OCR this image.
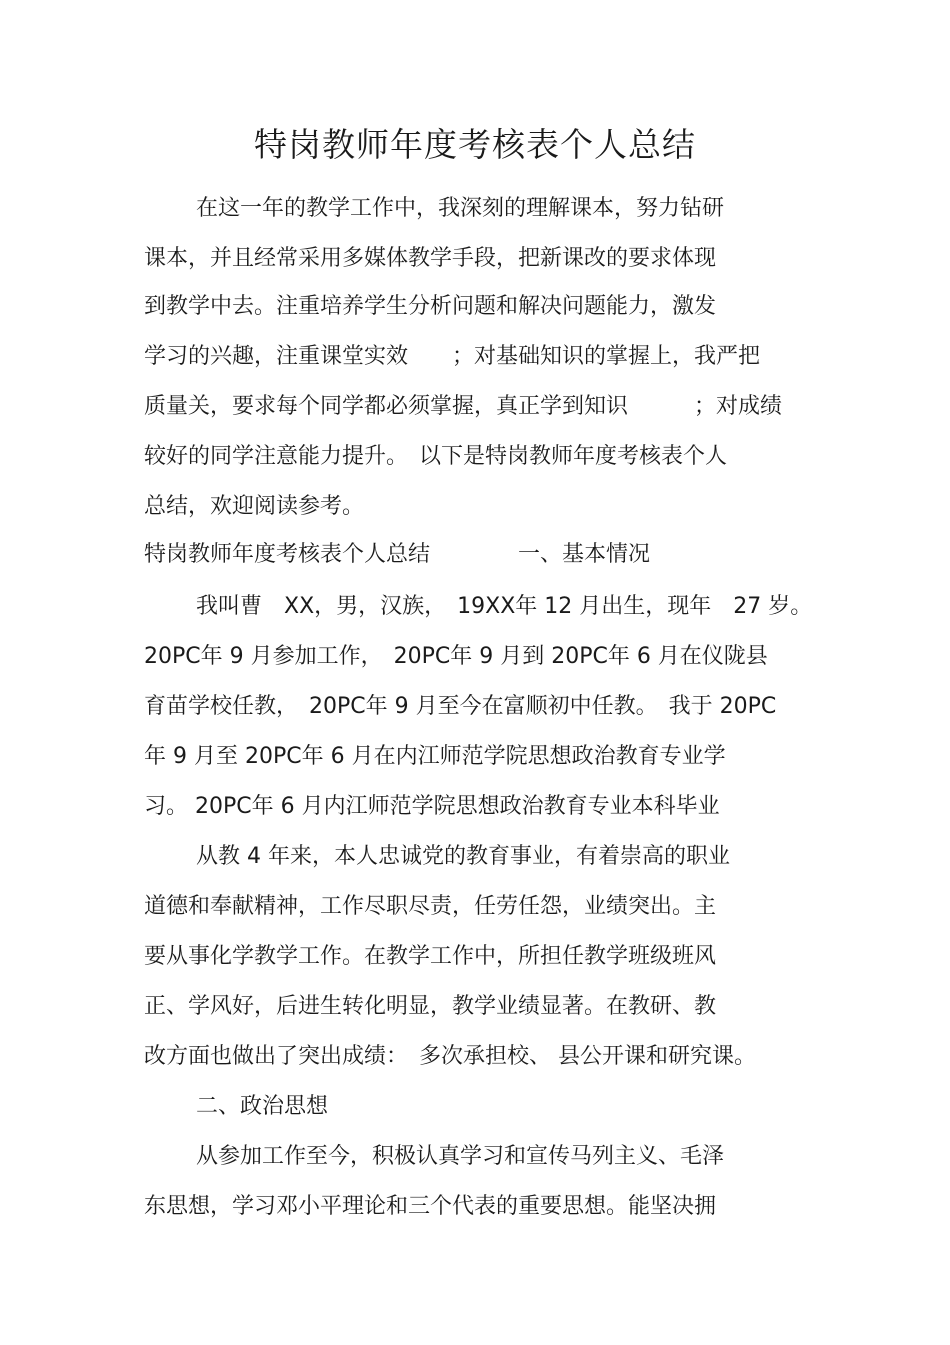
特岗教师年度考核表个人总结

在这一年的教学工作中，我深刻的理解课本，努力钻研

课本，并且经常采用多媒体教学手段，把新课改的要求体现

到教学中去。注重培养学生分析问题和解决问题能力，激发

学习的兴趣，注重课堂实效　　；对基础知识的掌握上，我严把

质量关，要求每个同学都必须掌握，真正学到知识　　　；对成绩

较好的同学注意能力提升。　以下是特岗教师年度考核表个人

总结，欢迎阅读参考。

特岗教师年度考核表个人总结　　　　一、基本情况

我叫曹　XX，男，汉族，　19XX年 12 月出生，现年　27 岁。

20PC年 9 月参加工作，　20PC年 9 月到 20PC年 6 月在仪陇县

育苗学校任教，　20PC年 9 月至今在富顺初中任教。　我于 20PC

年 9 月至 20PC年 6 月在内江师范学院思想政治教育专业学

习。 20PC年 6 月内江师范学院思想政治教育专业本科毕业

从教 4 年来，本人忠诚党的教育事业，有着崇高的职业

道德和奉献精神，工作尽职尽责，任劳任怨，业绩突出。主

要从事化学教学工作。在教学工作中，所担任教学班级班风

正、学风好，后进生转化明显，教学业绩显著。在教研、教

改方面也做出了突出成绩：　多次承担校、 县公开课和研究课。

二、政治思想

从参加工作至今，积极认真学习和宣传马列主义、毛泽

东思想，学习邓小平理论和三个代表的重要思想。能坚决拥
